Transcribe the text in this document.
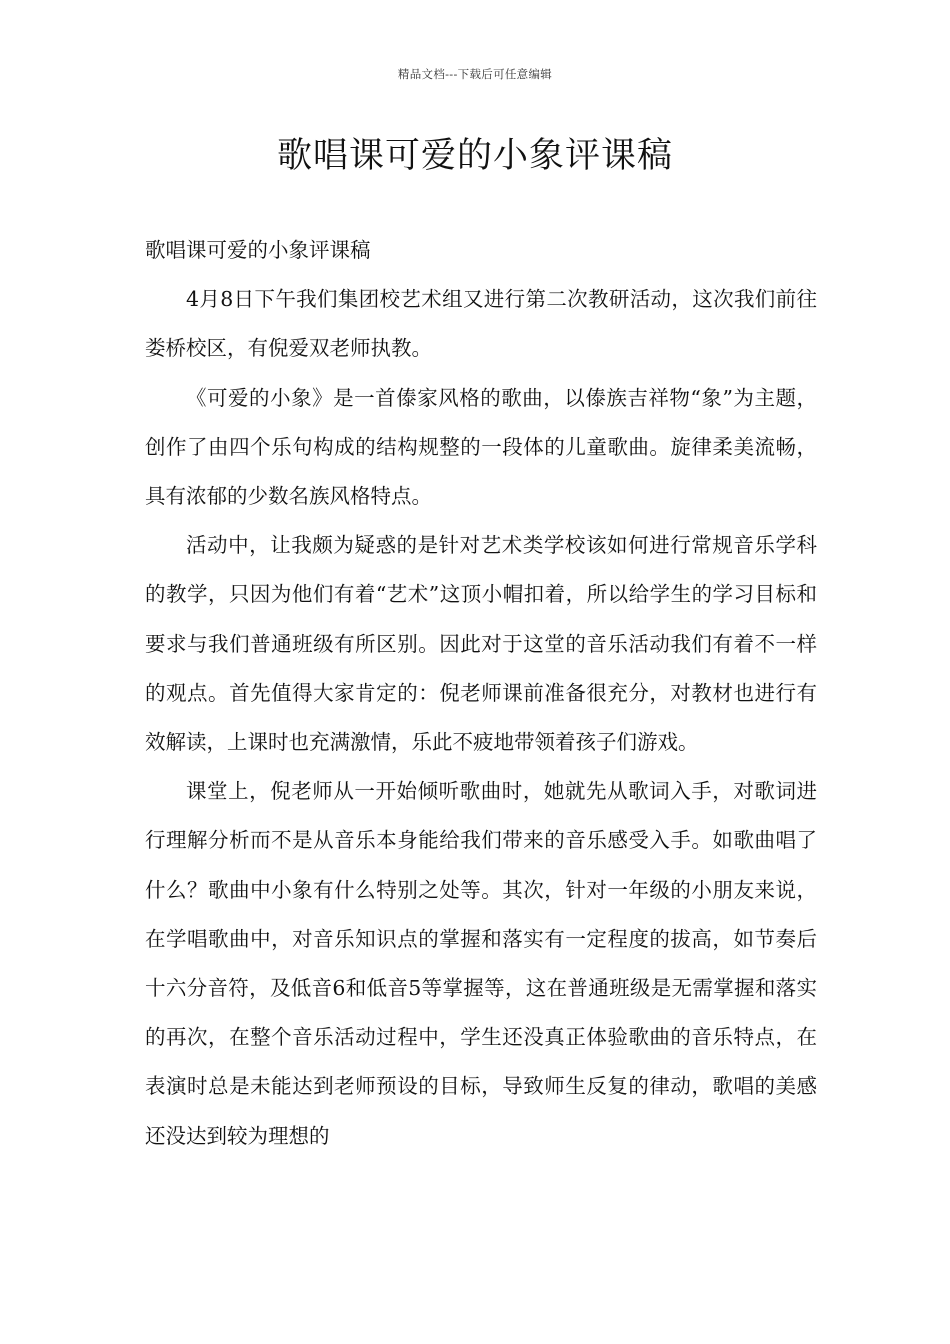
精品文档---下载后可任意编辑
歌唱课可爱的小象评课稿

歌唱课可爱的小象评课稿

4月8日下午我们集团校艺术组又进行第二次教研活动，这次我们前往娄桥校区，有倪爱双老师执教。

《可爱的小象》是一首傣家风格的歌曲，以傣族吉祥物“象”为主题，创作了由四个乐句构成的结构规整的一段体的儿童歌曲。旋律柔美流畅，具有浓郁的少数名族风格特点。

活动中，让我颇为疑惑的是针对艺术类学校该如何进行常规音乐学科的教学，只因为他们有着“艺术”这顶小帽扣着，所以给学生的学习目标和要求与我们普通班级有所区别。因此对于这堂的音乐活动我们有着不一样的观点。首先值得大家肯定的：倪老师课前准备很充分，对教材也进行有效解读，上课时也充满激情，乐此不疲地带领着孩子们游戏。

课堂上，倪老师从一开始倾听歌曲时，她就先从歌词入手，对歌词进行理解分析而不是从音乐本身能给我们带来的音乐感受入手。如歌曲唱了什么？歌曲中小象有什么特别之处等。其次，针对一年级的小朋友来说，在学唱歌曲中，对音乐知识点的掌握和落实有一定程度的拔高，如节奏后十六分音符，及低音6和低音5等掌握等，这在普通班级是无需掌握和落实的再次，在整个音乐活动过程中，学生还没真正体验歌曲的音乐特点，在表演时总是未能达到老师预设的目标，导致师生反复的律动，歌唱的美感还没达到较为理想的
